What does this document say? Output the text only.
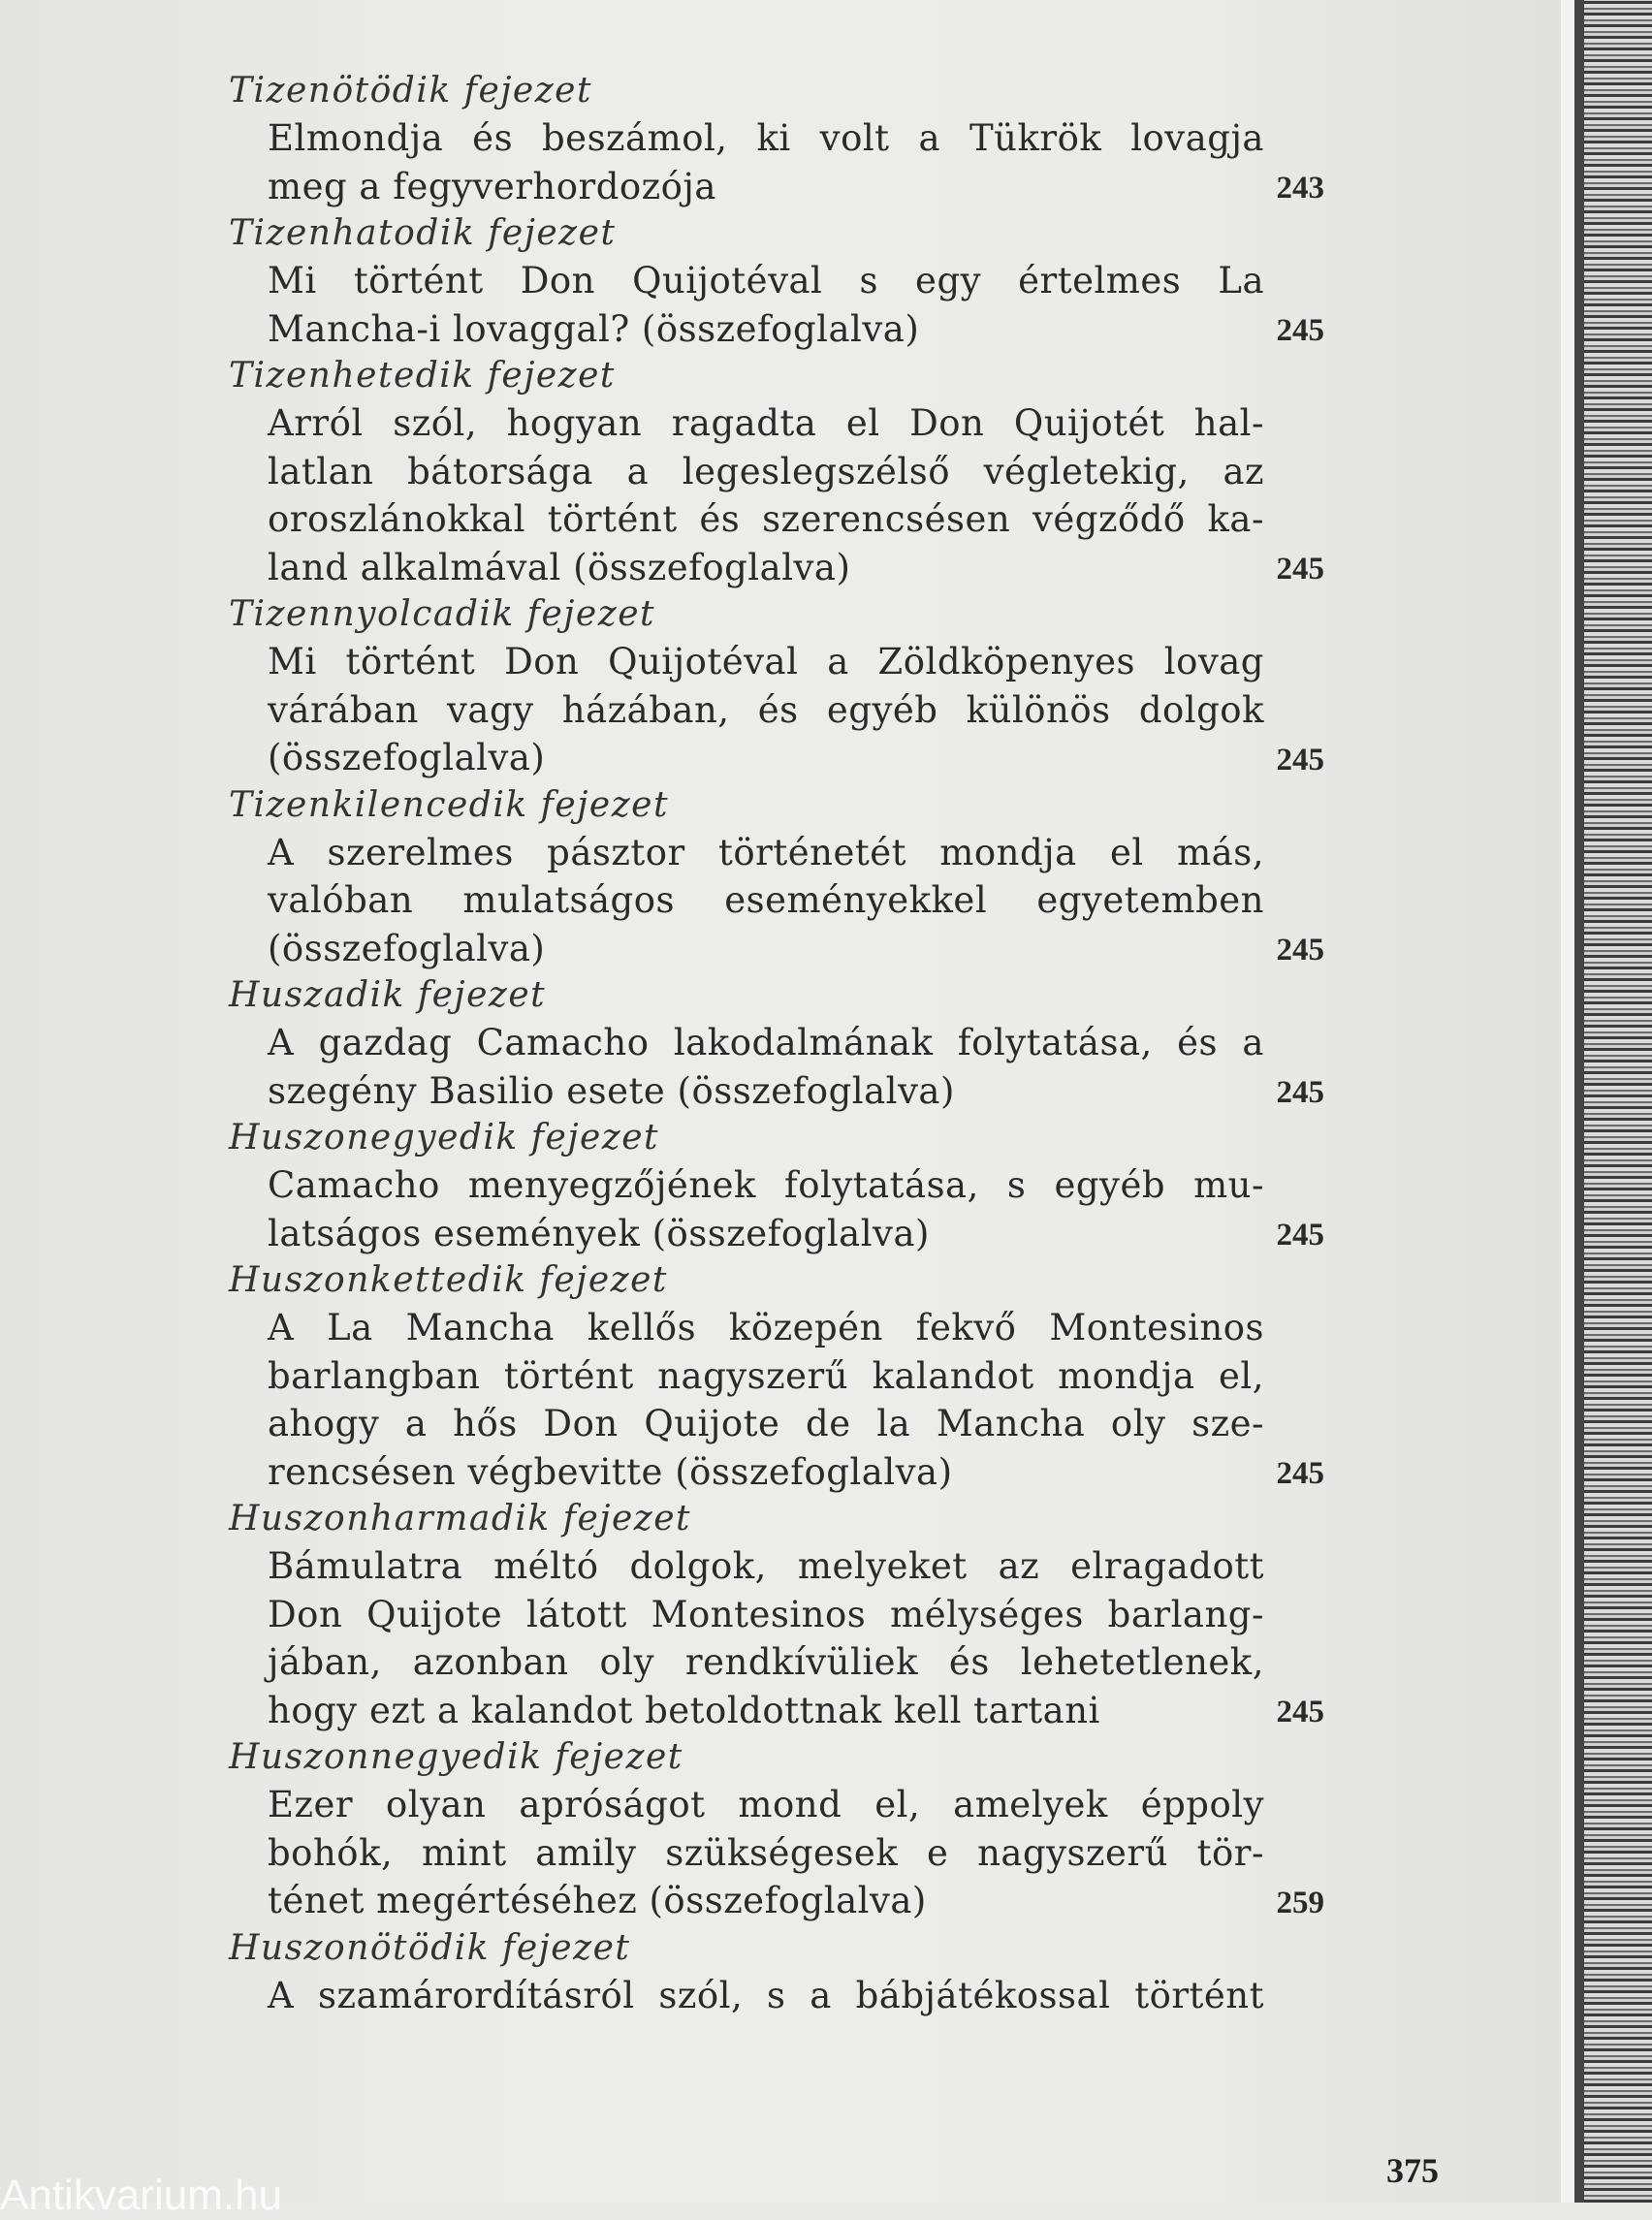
Tizenötödik fejezet
Elmondja és beszámol, ki volt a Tükrök lovagja
meg a fegyverhordozója	243
Tizenhatodik fejezet
Mi történt Don Quijotéval s egy értelmes La
Mancha-i lovaggal? (összefoglalva)	245
Tizenhetedik fejezet
Arról szól, hogyan ragadta el Don Quijotét hal-
latlan bátorsága a legeslegszélső végletekig, az
oroszlánokkal történt és szerencsésen végződő ka-
land alkalmával (összefoglalva)	245
Tizennyolcadik fejezet
Mi történt Don Quijotéval a Zöldköpenyes lovag
várában vagy házában, és egyéb különös dolgok
(összefoglalva)	245
Tizenkilencedik fejezet
A szerelmes pásztor történetét mondja el más,
valóban mulatságos eseményekkel egyetemben
(összefoglalva)	245
Huszadik fejezet
A gazdag Camacho lakodalmának folytatása, és a
szegény Basilio esete (összefoglalva)	245
Huszonegyedik fejezet
Camacho menyegzőjének folytatása, s egyéb mu-
latságos események (összefoglalva)	245
Huszonkettedik fejezet
A La Mancha kellős közepén fekvő Montesinos
barlangban történt nagyszerű kalandot mondja el,
ahogy a hős Don Quijote de la Mancha oly sze-
rencsésen végbevitte (összefoglalva)	245
Huszonharmadik fejezet
Bámulatra méltó dolgok, melyeket az elragadott
Don Quijote látott Montesinos mélységes barlang-
jában, azonban oly rendkívüliek és lehetetlenek,
hogy ezt a kalandot betoldottnak kell tartani	245
Huszonnegyedik fejezet
Ezer olyan apróságot mond el, amelyek éppoly
bohók, mint amily szükségesek e nagyszerű tör-
ténet megértéséhez (összefoglalva)	259
Huszonötödik fejezet
A szamárordításról szól, s a bábjátékossal történt
375
Antikvarium.hu
